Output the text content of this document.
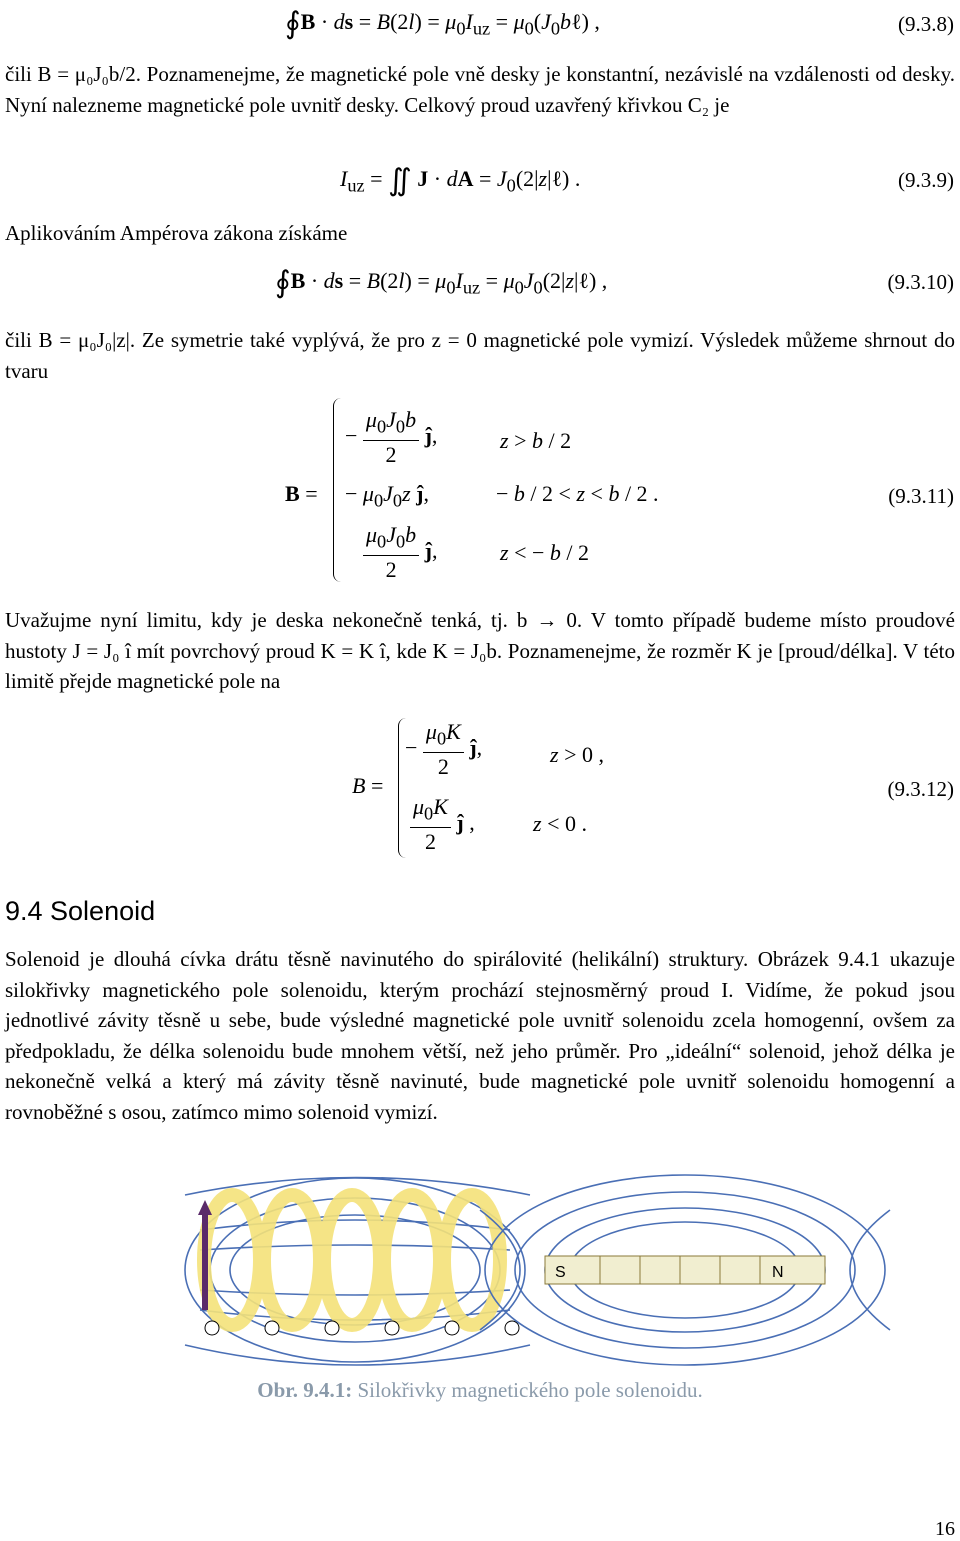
∮B · ds = $B(2l) = \mu_0I_{uz}$ = $\mu_0(J_0b\ell)$ ,	(9.3.8)

čili B = μ₀J₀b/2. Poznamenejme, že magnetické pole vně desky je konstantní, nezávislé na vzdálenosti od desky. Nyní nalezneme magnetické pole uvnitř desky. Celkový proud uzavřený křivkou C₂ je

$I_{uz}$ = ∬ J · dA = $J_0(2|z|\ell)$ .	(9.3.9)

Aplikováním Ampérova zákona získáme

∮B · ds = $B(2l) = \mu_0I_{uz}$ = $\mu_0J_0(2|z|\ell)$ ,	(9.3.10)

čili B = μ₀J₀|z|. Ze symetrie také vyplývá, že pro z = 0 magnetické pole vymizí. Výsledek můžeme shrnout do tvaru

B =
− $\frac{\mu_0J_0b}{2}$ ĵ,	z > b / 2
− $\mu_0J_0z$ ĵ,	− b / 2 < z < b / 2 .
$\frac{\mu_0J_0b}{2}$ ĵ,	z < − b / 2
(9.3.11)

Uvažujme nyní limitu, kdy je deska nekonečně tenká, tj. b → 0. V tomto případě budeme místo proudové hustoty J = J₀ î mít povrchový proud K = K î, kde K = J₀b. Poznamenejme, že rozměr K je [proud/délka]. V této limitě přejde magnetické pole na

B =
− $\frac{\mu_0K}{2}$ ĵ,	z > 0 ,
$\frac{\mu_0K}{2}$ ĵ ,	z < 0 .
(9.3.12)
9.4 Solenoid

Solenoid je dlouhá cívka drátu těsně navinutého do spirálovité (helikální) struktury. Obrázek 9.4.1 ukazuje silokřivky magnetického pole solenoidu, kterým prochází stejnosměrný proud I. Vidíme, že pokud jsou jednotlivé závity těsně u sebe, bude výsledné magnetické pole uvnitř solenoidu zcela homogenní, ovšem za předpokladu, že délka solenoidu bude mnohem větší, než jeho průměr. Pro „ideální“ solenoid, jehož délka je nekonečně velká a který má závity těsně navinuté, bude magnetické pole uvnitř solenoidu homogenní a rovnoběžné s osou, zatímco mimo solenoid vymizí.

S	N
Obr. 9.4.1: Silokřivky magnetického pole solenoidu.
16
